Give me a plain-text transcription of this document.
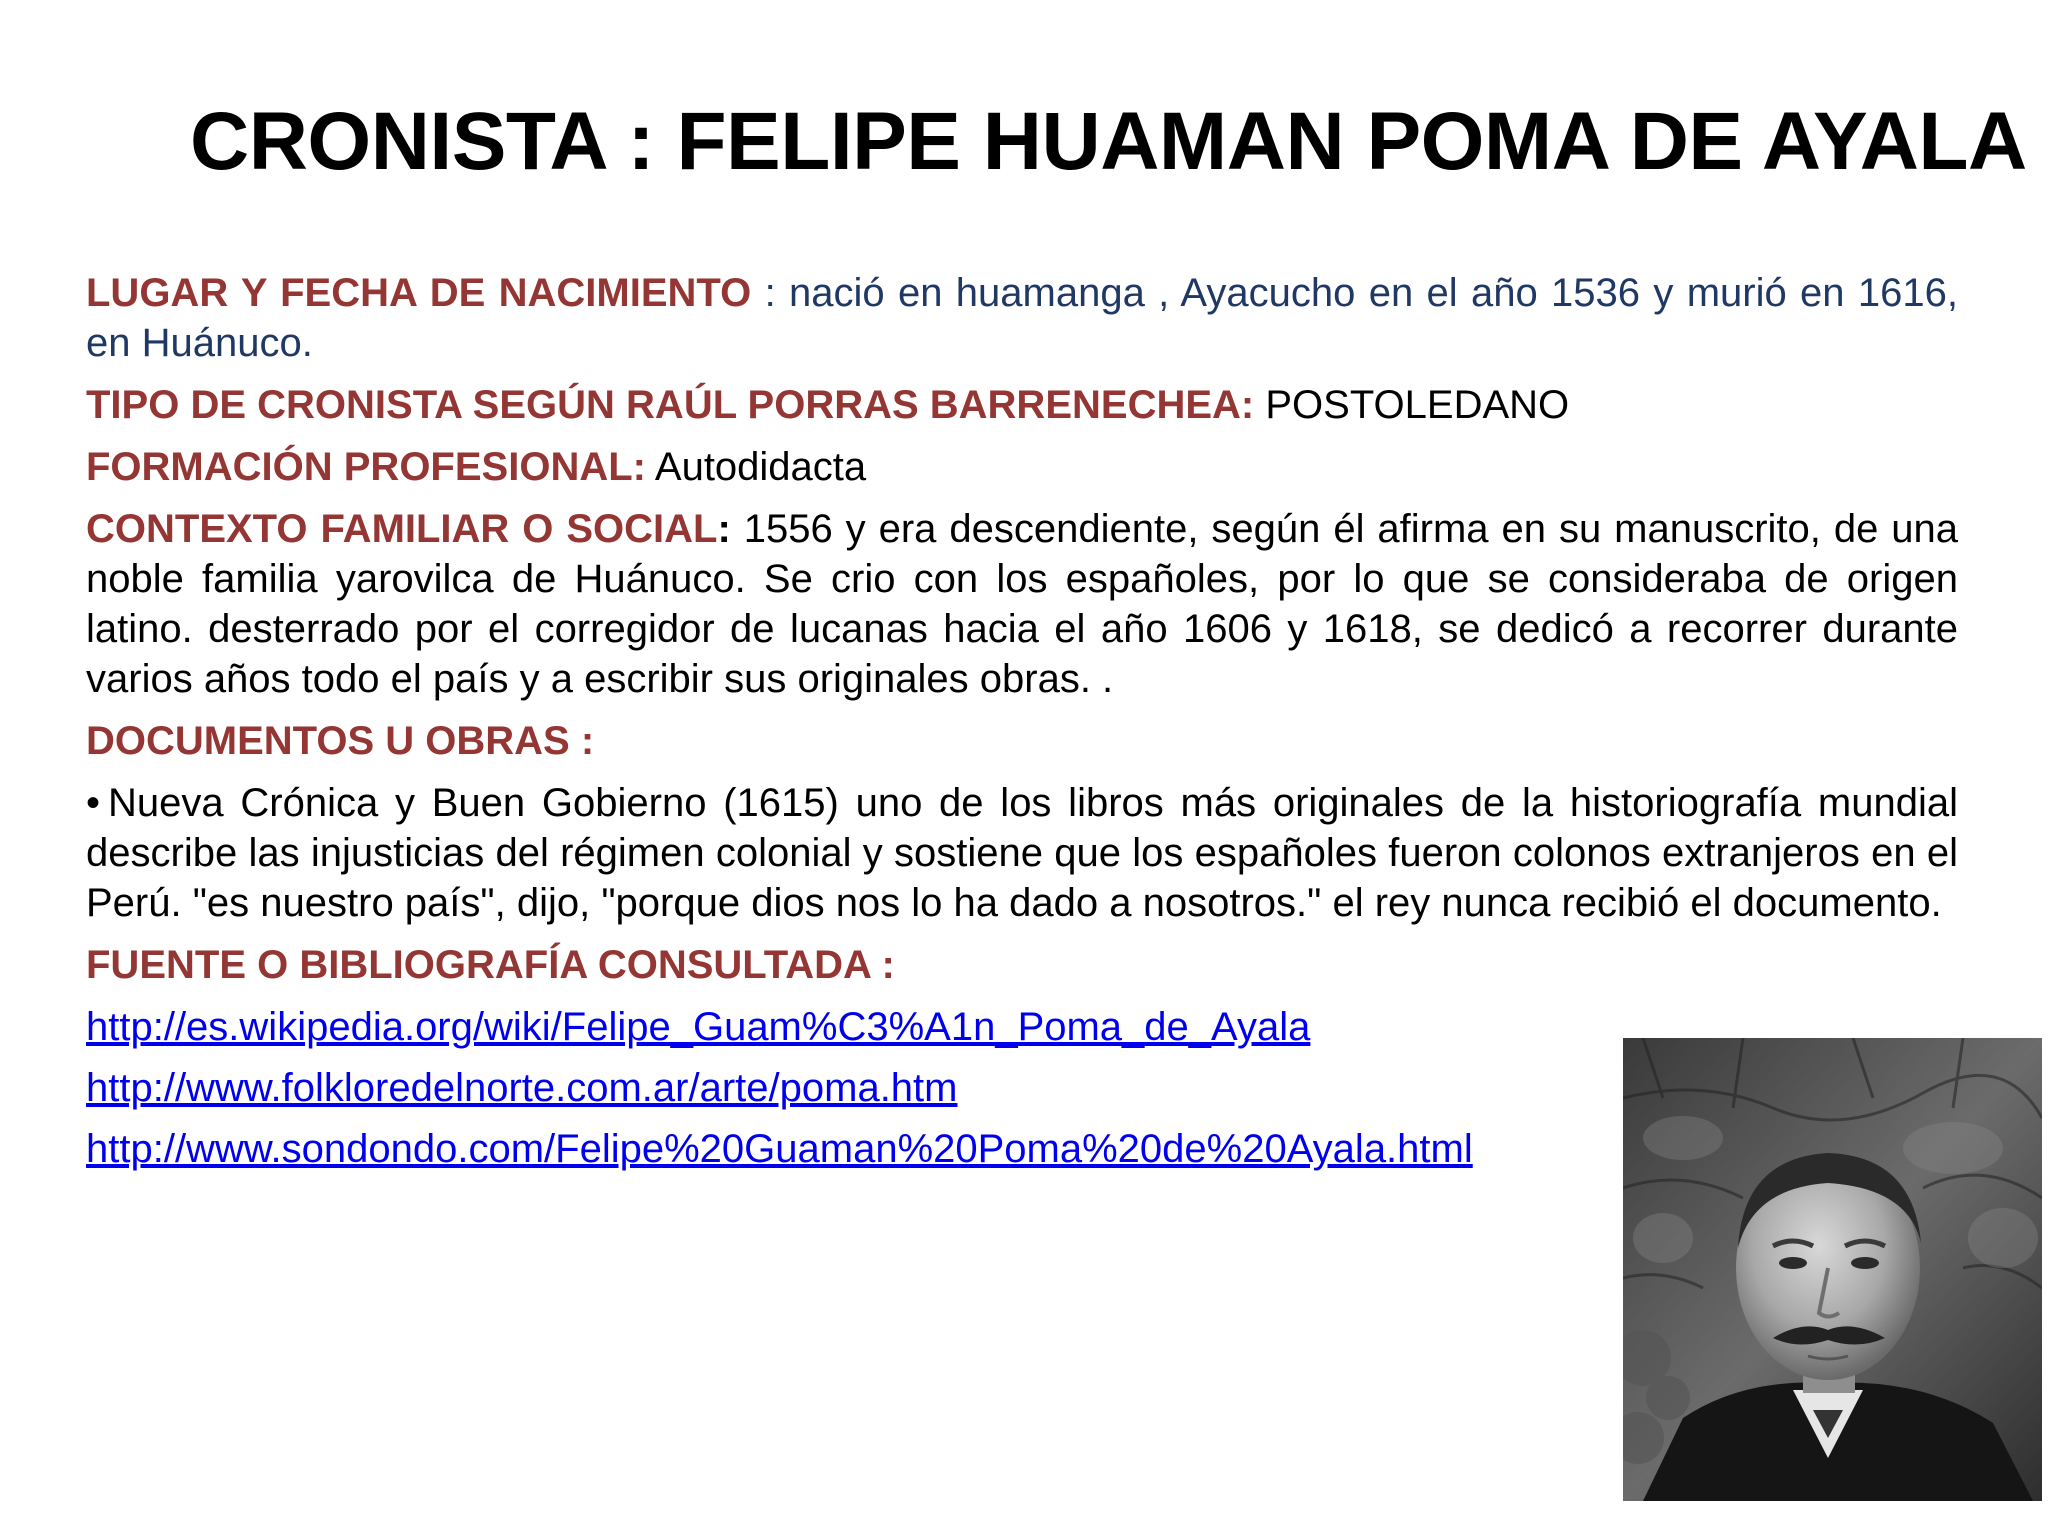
CRONISTA : FELIPE HUAMAN POMA DE AYALA

LUGAR Y FECHA DE NACIMIENTO : nació en huamanga , Ayacucho en el año 1536 y murió en 1616, en Huánuco.

TIPO DE CRONISTA SEGÚN RAÚL PORRAS BARRENECHEA: POSTOLEDANO

FORMACIÓN PROFESIONAL: Autodidacta

CONTEXTO FAMILIAR O SOCIAL: 1556 y era descendiente, según él afirma en su manuscrito, de una noble familia yarovilca de Huánuco. Se crio con los españoles, por lo que se consideraba de origen latino. desterrado por el corregidor de lucanas hacia el año 1606 y 1618, se dedicó a recorrer durante varios años todo el país y a escribir sus originales obras. .

DOCUMENTOS U OBRAS :

• Nueva Crónica y Buen Gobierno (1615) uno de los libros más originales de la historiografía mundial describe las injusticias del régimen colonial y sostiene que los españoles fueron colonos extranjeros en el Perú. "es nuestro país", dijo, "porque dios nos lo ha dado a nosotros." el rey nunca recibió el documento.

FUENTE O BIBLIOGRAFÍA CONSULTADA :

http://es.wikipedia.org/wiki/Felipe_Guam%C3%A1n_Poma_de_Ayala
http://www.folkloredelnorte.com.ar/arte/poma.htm
http://www.sondondo.com/Felipe%20Guaman%20Poma%20de%20Ayala.html
